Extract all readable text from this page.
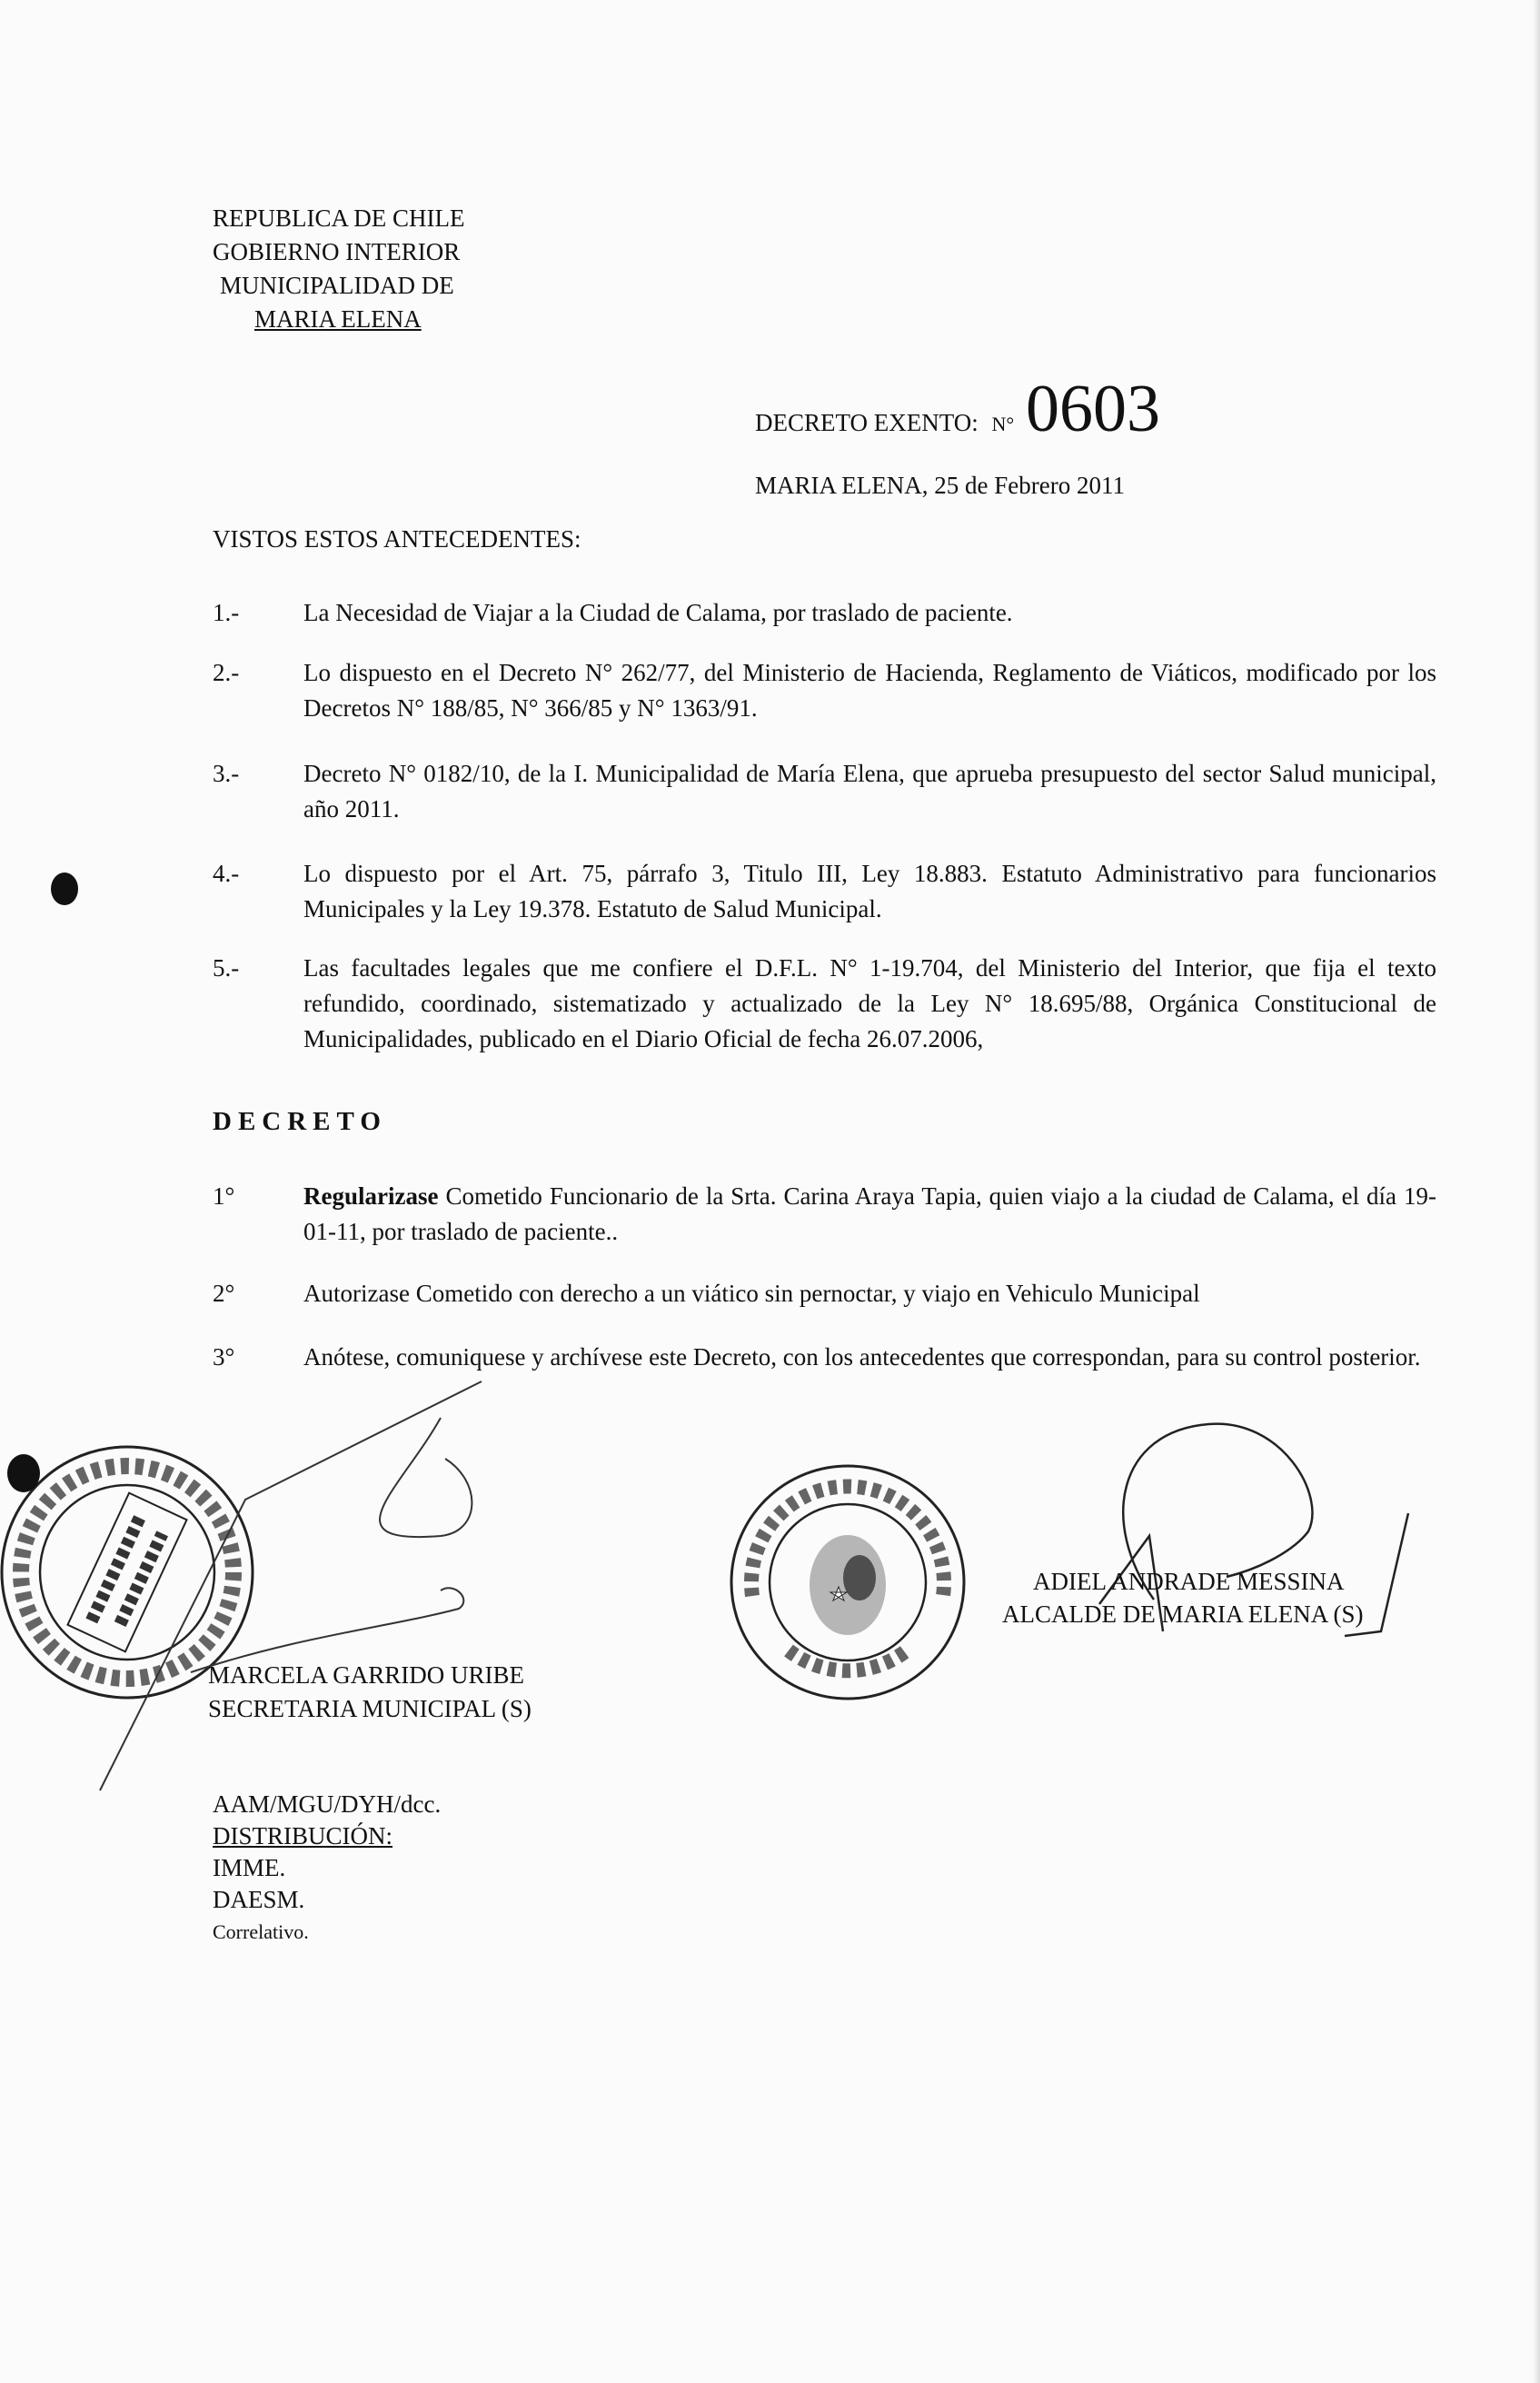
REPUBLICA DE CHILE
GOBIERNO INTERIOR
MUNICIPALIDAD DE
MARIA ELENA
DECRETO EXENTO: N° 0603
MARIA ELENA, 25 de Febrero 2011
VISTOS ESTOS ANTECEDENTES:
1.-	La Necesidad de Viajar a la Ciudad de Calama, por traslado de paciente.
2.-	Lo dispuesto en el Decreto N° 262/77, del Ministerio de Hacienda, Reglamento de Viáticos, modificado por los Decretos N° 188/85, N° 366/85 y N° 1363/91.
3.-	Decreto N° 0182/10, de la I. Municipalidad de María Elena, que aprueba presupuesto del sector Salud municipal, año 2011.
4.-	Lo dispuesto por el Art. 75, párrafo 3, Titulo III, Ley 18.883. Estatuto Administrativo para funcionarios Municipales y la Ley 19.378. Estatuto de Salud Municipal.
5.-	Las facultades legales que me confiere el D.F.L. N° 1-19.704, del Ministerio del Interior, que fija el texto refundido, coordinado, sistematizado y actualizado de la Ley N° 18.695/88, Orgánica Constitucional de Municipalidades, publicado en el Diario Oficial de fecha 26.07.2006,
DECRETO
1°	Regularizase Cometido Funcionario de la Srta. Carina Araya Tapia, quien viajo a la ciudad de Calama, el día 19-01-11, por traslado de paciente..
2°	Autorizase Cometido con derecho a un viático sin pernoctar, y viajo en Vehiculo Municipal
3°	Anótese, comuniquese y archívese este Decreto, con los antecedentes que correspondan, para su control posterior.
MARCELA GARRIDO URIBE
SECRETARIA MUNICIPAL (S)
ADIEL ANDRADE MESSINA
ALCALDE DE MARIA ELENA (S)
AAM/MGU/DYH/dcc.
DISTRIBUCIÓN:
IMME.
DAESM.
Correlativo.
